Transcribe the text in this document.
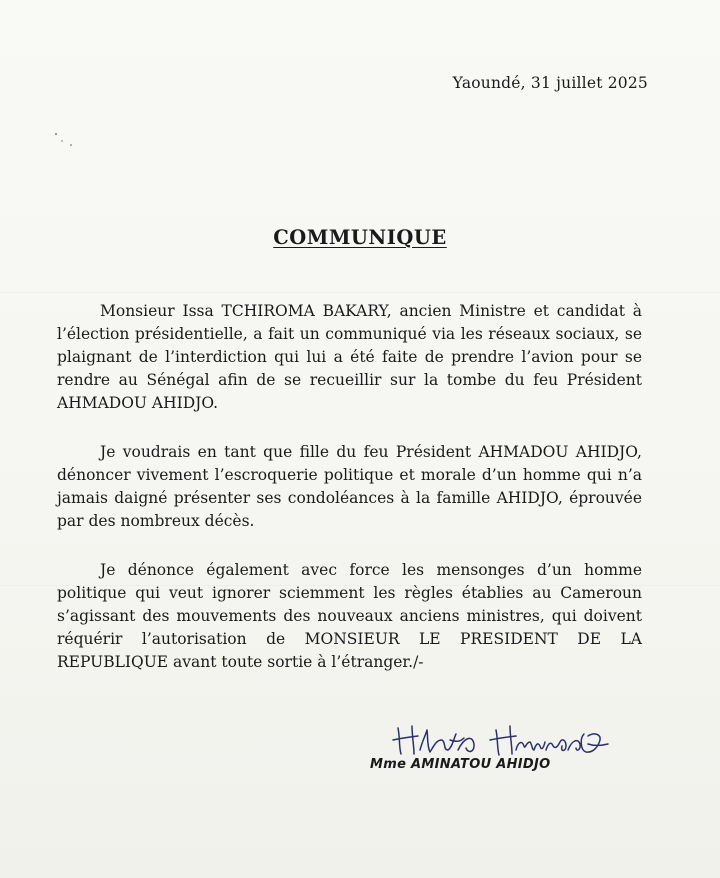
Yaoundé, 31 juillet 2025
COMMUNIQUE

Monsieur Issa TCHIROMA BAKARY, ancien Ministre et candidat à l’élection présidentielle, a fait un communiqué via les réseaux sociaux, se plaignant de l’interdiction qui lui a été faite de prendre l’avion pour se rendre au Sénégal afin de se recueillir sur la tombe du feu Président AHMADOU AHIDJO.

Je voudrais en tant que fille du feu Président AHMADOU AHIDJO, dénoncer vivement l’escroquerie politique et morale d’un homme qui n’a jamais daigné présenter ses condoléances à la famille AHIDJO, éprouvée par des nombreux décès.

Je dénonce également avec force les mensonges d’un homme politique qui veut ignorer sciemment les règles établies au Cameroun s’agissant des mouvements des nouveaux anciens ministres, qui doivent réquérir l’autorisation de MONSIEUR LE PRESIDENT DE LA REPUBLIQUE avant toute sortie à l’étranger./-

Mme AMINATOU AHIDJO
